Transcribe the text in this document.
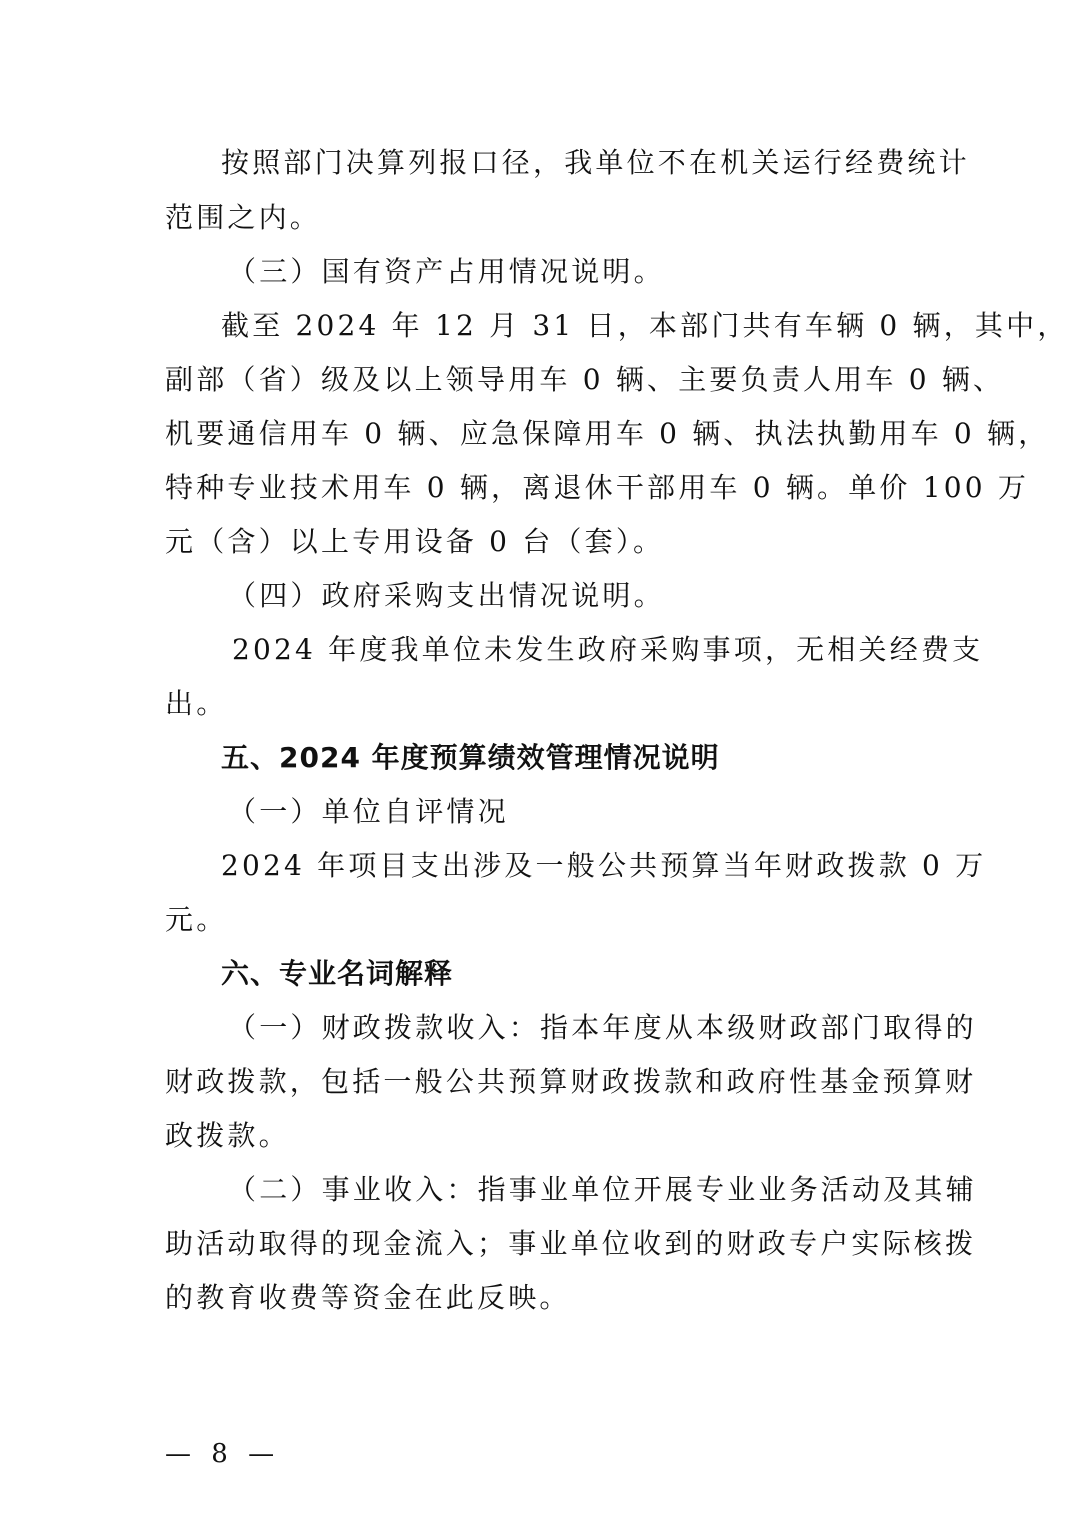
按照部门决算列报口径，我单位不在机关运行经费统计
范围之内。
（三）国有资产占用情况说明。
截至 2024 年 12 月 31 日，本部门共有车辆 0 辆，其中，
副部（省）级及以上领导用车 0 辆、主要负责人用车 0 辆、
机要通信用车 0 辆、应急保障用车 0 辆、执法执勤用车 0 辆，
特种专业技术用车 0 辆，离退休干部用车 0 辆。单价 100 万
元（含）以上专用设备 0 台（套）。
（四）政府采购支出情况说明。
2024 年度我单位未发生政府采购事项，无相关经费支
出。
五、2024 年度预算绩效管理情况说明
（一）单位自评情况
2024 年项目支出涉及一般公共预算当年财政拨款 0 万
元。
六、专业名词解释
（一）财政拨款收入：指本年度从本级财政部门取得的
财政拨款，包括一般公共预算财政拨款和政府性基金预算财
政拨款。
（二）事业收入：指事业单位开展专业业务活动及其辅
助活动取得的现金流入；事业单位收到的财政专户实际核拨
的教育收费等资金在此反映。
— 8 —
